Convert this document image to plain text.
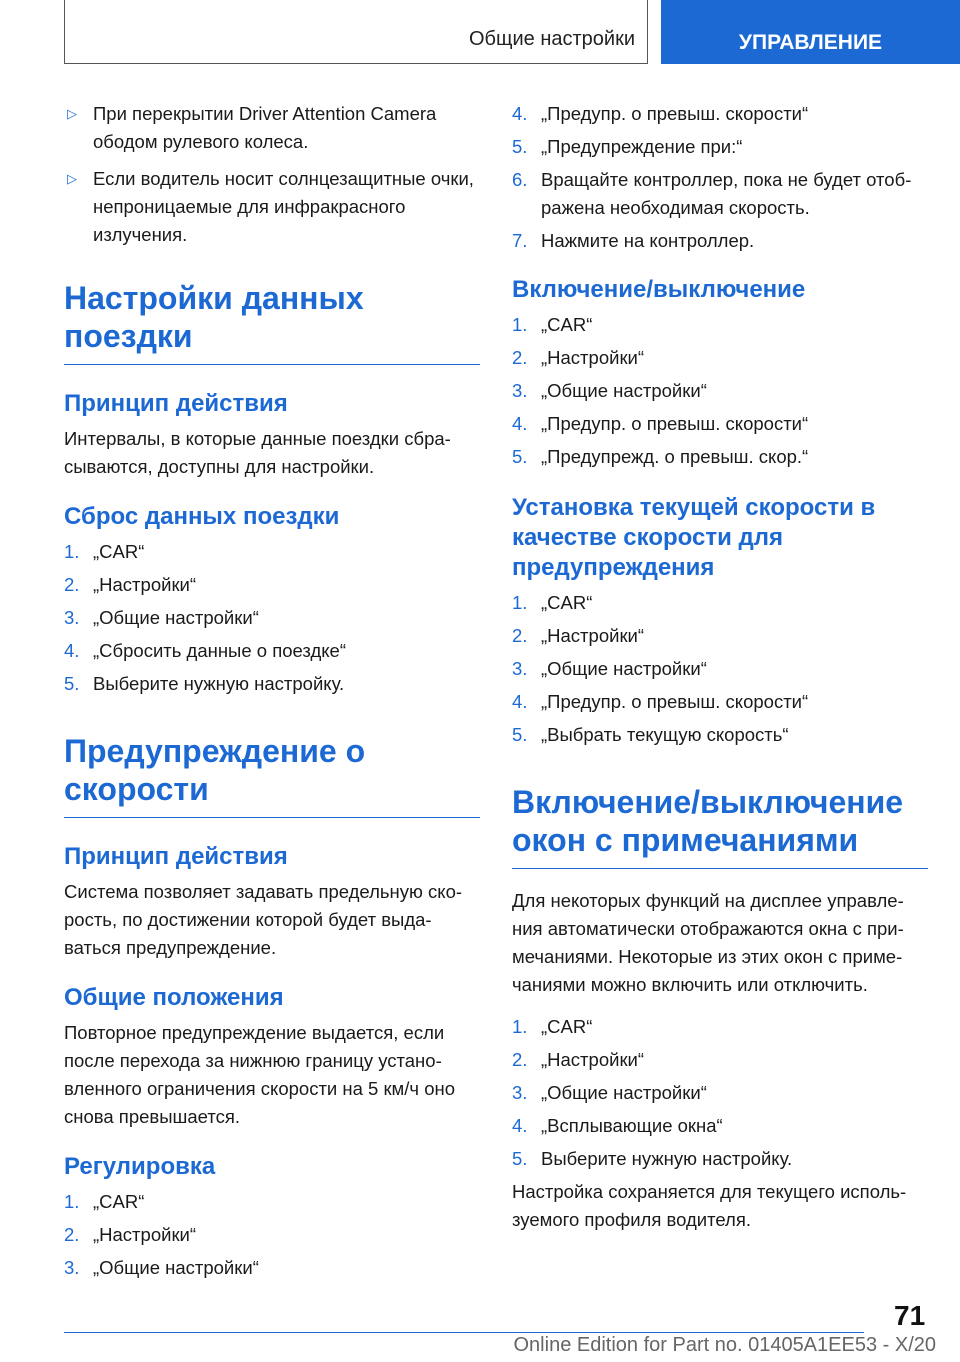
Общие настройки	УПРАВЛЕНИЕ
▷ При перекрытии Driver Attention Camera ободом рулевого колеса.
▷ Если водитель носит солнцезащитные очки, непроницаемые для инфракрасного излучения.
Настройки данных поездки
Принцип действия

Интервалы, в которые данные поездки сбрасываются, доступны для настройки.

Сброс данных поездки
1. „CAR“
2. „Настройки“
3. „Общие настройки“
4. „Сбросить данные о поездке“
5. Выберите нужную настройку.
Предупреждение о скорости
Принцип действия

Система позволяет задавать предельную скорость, по достижении которой будет выдаваться предупреждение.

Общие положения

Повторное предупреждение выдается, если после перехода за нижнюю границу установленного ограничения скорости на 5 км/ч оно снова превышается.

Регулировка
1. „CAR“
2. „Настройки“
3. „Общие настройки“
4. „Предупр. о превыш. скорости“
5. „Предупреждение при:“
6. Вращайте контроллер, пока не будет отображена необходимая скорость.
7. Нажмите на контроллер.
Включение/выключение
1. „CAR“
2. „Настройки“
3. „Общие настройки“
4. „Предупр. о превыш. скорости“
5. „Предупрежд. о превыш. скор.“
Установка текущей скорости в качестве скорости для предупреждения
1. „CAR“
2. „Настройки“
3. „Общие настройки“
4. „Предупр. о превыш. скорости“
5. „Выбрать текущую скорость“
Включение/выключение окон с примечаниями

Для некоторых функций на дисплее управления автоматически отображаются окна с примечаниями. Некоторые из этих окон с примечаниями можно включить или отключить.

1. „CAR“
2. „Настройки“
3. „Общие настройки“
4. „Всплывающие окна“
5. Выберите нужную настройку.

Настройка сохраняется для текущего используемого профиля водителя.

71
Online Edition for Part no. 01405A1EE53 - X/20
